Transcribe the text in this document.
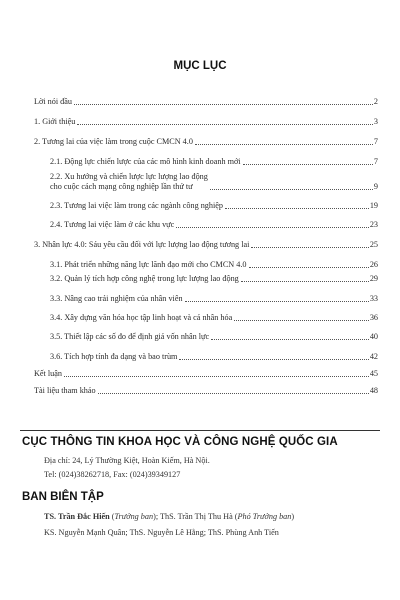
MỤC LỤC
Lời nói đầu	2
1. Giới thiệu	3
2. Tương lai của việc làm trong cuộc CMCN 4.0	7
2.1. Động lực chiến lược của các mô hình kinh doanh mới	7
2.2. Xu hướng và chiến lược lực lượng lao động
cho cuộc cách mạng công nghiệp lần thứ tư	9
2.3. Tương lai việc làm trong các ngành công nghiệp	19
2.4. Tương lai việc làm ở các khu vực	23
3. Nhân lực 4.0: Sáu yêu cầu đối với lực lượng lao động tương lai	25
3.1. Phát triển những năng lực lãnh đạo mới cho CMCN 4.0	26
3.2. Quản lý tích hợp công nghệ trong lực lượng lao động	29
3.3. Nâng cao trải nghiệm của nhân viên	33
3.4. Xây dựng văn hóa học tập linh hoạt và cá nhân hóa	36
3.5. Thiết lập các số đo để định giá vốn nhân lực	40
3.6. Tích hợp tính đa dạng và bao trùm	42
Kết luận	45
Tài liệu tham khảo	48
CỤC THÔNG TIN KHOA HỌC VÀ CÔNG NGHỆ QUỐC GIA
Địa chỉ: 24, Lý Thường Kiệt, Hoàn Kiếm, Hà Nội.
Tel: (024)38262718, Fax: (024)39349127
BAN BIÊN TẬP
TS. Trần Đắc Hiến (Trưởng ban); ThS. Trần Thị Thu Hà (Phó Trưởng ban)
KS. Nguyễn Mạnh Quân; ThS. Nguyễn Lê Hằng; ThS. Phùng Anh Tiến
